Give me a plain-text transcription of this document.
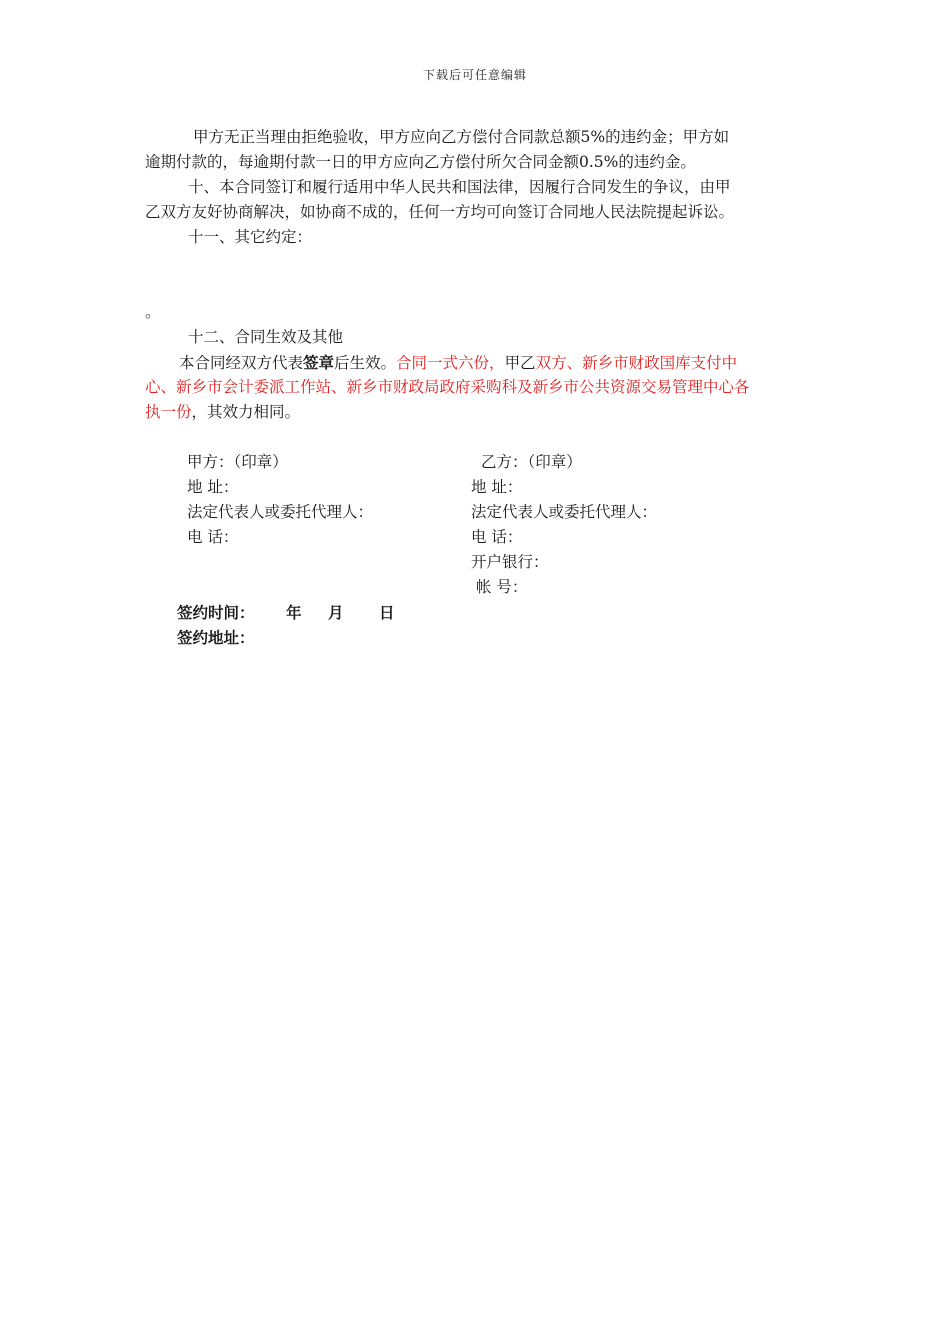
下载后可任意编辑
甲方无正当理由拒绝验收，甲方应向乙方偿付合同款总额5%的违约金；甲方如
逾期付款的，每逾期付款一日的甲方应向乙方偿付所欠合同金额0.5%的违约金。
十、本合同签订和履行适用中华人民共和国法律，因履行合同发生的争议，由甲
乙双方友好协商解决，如协商不成的，任何一方均可向签订合同地人民法院提起诉讼。
十一、其它约定：
。
十二、合同生效及其他
本合同经双方代表签章后生效。合同一式六份，甲乙双方、新乡市财政国库支付中
心、新乡市会计委派工作站、新乡市财政局政府采购科及新乡市公共资源交易管理中心各
执一份，其效力相同。
甲方：（印章）
地 址：
法定代表人或委托代理人：
电 话：
乙方：（印章）
地 址：
法定代表人或委托代理人：
电 话：
开户银行：
帐 号：
签约时间： 年 月 日
签约地址：
